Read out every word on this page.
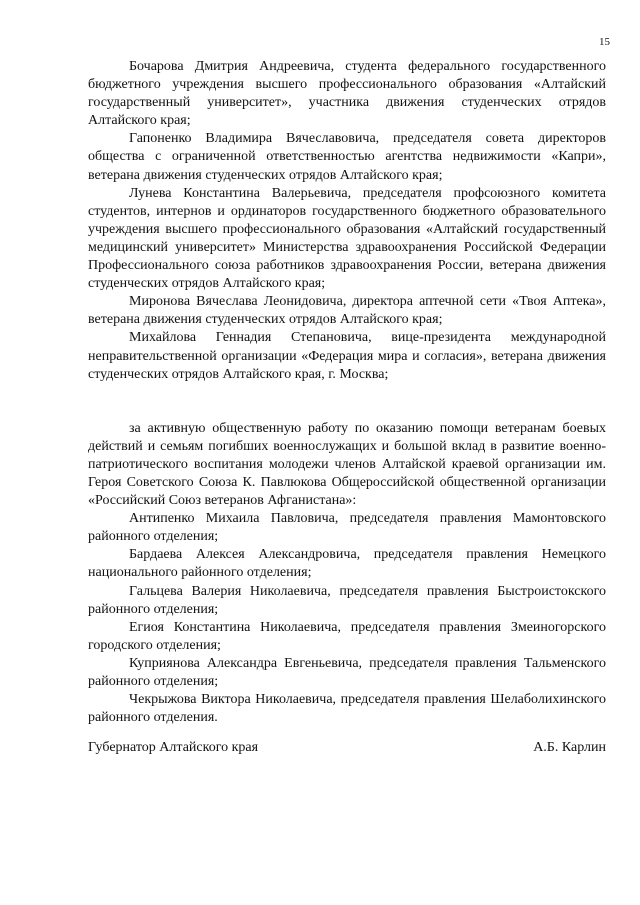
15

Бочарова Дмитрия Андреевича, студента федерального государственного бюджетного учреждения высшего профессионального образования «Алтайский государственный университет», участника движения студенческих отрядов Алтайского края;

Гапоненко Владимира Вячеславовича, председателя совета директоров общества с ограниченной ответственностью агентства недвижимости «Капри», ветерана движения студенческих отрядов Алтайского края;

Лунева Константина Валерьевича, председателя профсоюзного комитета студентов, интернов и ординаторов государственного бюджетного образовательного учреждения высшего профессионального образования «Алтайский государственный медицинский университет» Министерства здравоохранения Российской Федерации Профессионального союза работников здравоохранения России, ветерана движения студенческих отрядов Алтайского края;

Миронова Вячеслава Леонидовича, директора аптечной сети «Твоя Аптека», ветерана движения студенческих отрядов Алтайского края;

Михайлова Геннадия Степановича, вице-президента международной неправительственной организации «Федерация мира и согласия», ветерана движения студенческих отрядов Алтайского края, г. Москва;

за активную общественную работу по оказанию помощи ветеранам боевых действий и семьям погибших военнослужащих и большой вклад в развитие военно-патриотического воспитания молодежи членов Алтайской краевой организации им. Героя Советского Союза К. Павлюкова Общероссийской общественной организации «Российский Союз ветеранов Афганистана»:

Антипенко Михаила Павловича, председателя правления Мамонтовского районного отделения;

Бардаева Алексея Александровича, председателя правления Немецкого национального районного отделения;

Гальцева Валерия Николаевича, председателя правления Быстроистокского районного отделения;

Егиоя Константина Николаевича, председателя правления Змеиногорского городского отделения;

Куприянова Александра Евгеньевича, председателя правления Тальменского районного отделения;

Чекрыжова Виктора Николаевича, председателя правления Шелаболихинского районного отделения.

Губернатор Алтайского края	А.Б. Карлин
